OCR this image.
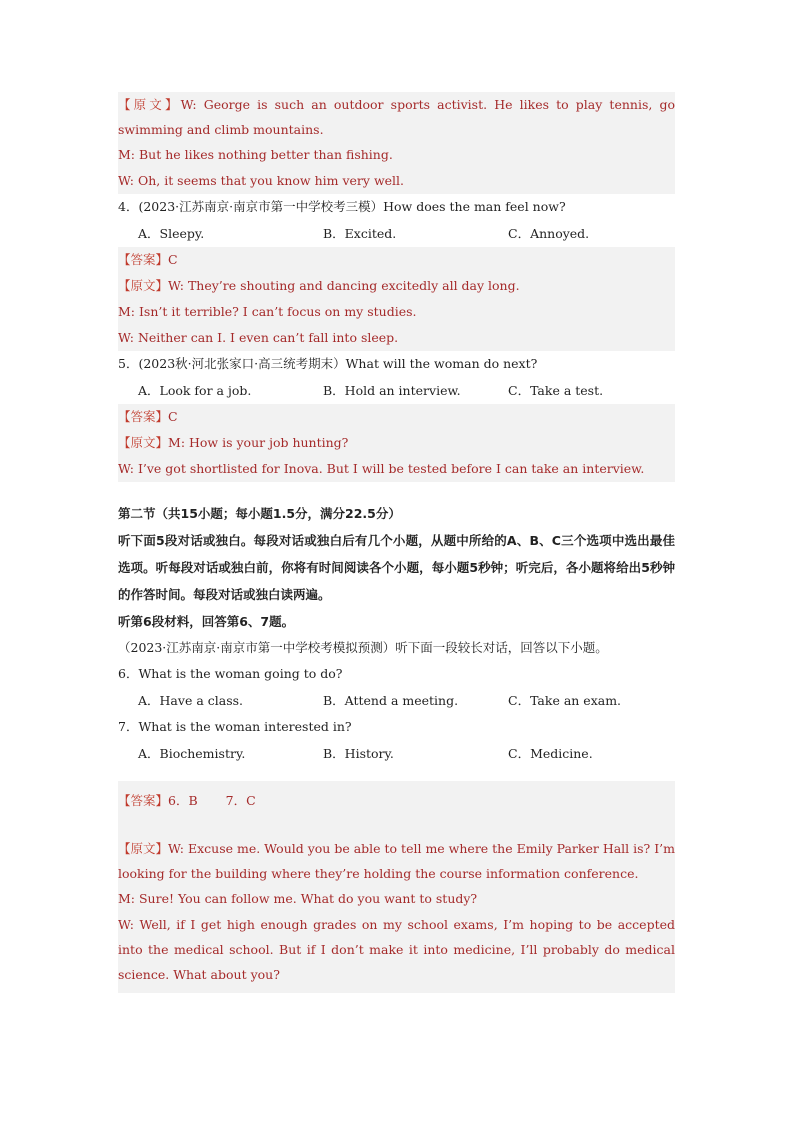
【原文】W: George is such an outdoor sports activist. He likes to play tennis, go swimming and climb mountains.
M: But he likes nothing better than fishing.
W: Oh, it seems that you know him very well.
4．(2023·江苏南京·南京市第一中学校考三模）How does the man feel now?
A．Sleepy.	B．Excited.	C．Annoyed.
【答案】C
【原文】W: They’re shouting and dancing excitedly all day long.
M: Isn’t it terrible? I can’t focus on my studies.
W: Neither can I. I even can’t fall into sleep.
5．(2023秋·河北张家口·高三统考期末）What will the woman do next?
A．Look for a job.	B．Hold an interview.	C．Take a test.
【答案】C
【原文】M: How is your job hunting?
W: I’ve got shortlisted for Inova. But I will be tested before I can take an interview.
第二节（共15小题；每小题1.5分，满分22.5分）
听下面5段对话或独白。每段对话或独白后有几个小题，从题中所给的A、B、C三个选项中选出最佳选项。听每段对话或独白前，你将有时间阅读各个小题，每小题5秒钟；听完后，各小题将给出5秒钟的作答时间。每段对话或独白读两遍。
听第6段材料，回答第6、7题。
（2023·江苏南京·南京市第一中学校考模拟预测）听下面一段较长对话，回答以下小题。
6．What is the woman going to do?
A．Have a class.	B．Attend a meeting.	C．Take an exam.
7．What is the woman interested in?
A．Biochemistry.	B．History.	C．Medicine.
【答案】6．B 7．C
【原文】W: Excuse me. Would you be able to tell me where the Emily Parker Hall is? I’m looking for the building where they’re holding the course information conference.
M: Sure! You can follow me. What do you want to study?
W: Well, if I get high enough grades on my school exams, I’m hoping to be accepted into the medical school. But if I don’t make it into medicine, I’ll probably do medical science. What about you?
